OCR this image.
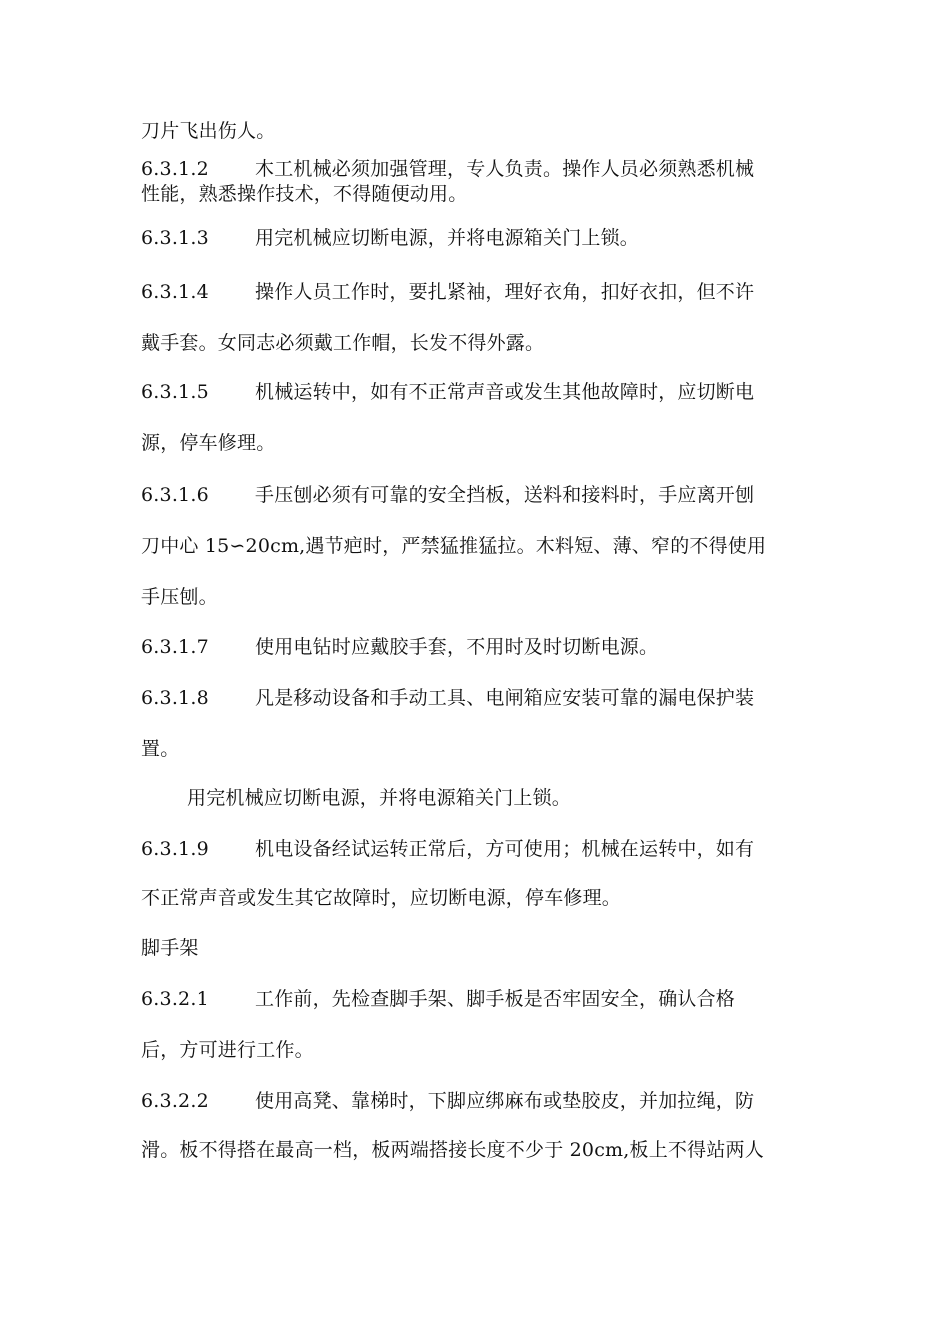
刀片飞出伤人。
6.3.1.2 木工机械必须加强管理，专人负责。操作人员必须熟悉机械
性能，熟悉操作技术，不得随便动用。
6.3.1.3 用完机械应切断电源，并将电源箱关门上锁。
6.3.1.4 操作人员工作时，要扎紧袖，理好衣角，扣好衣扣，但不许
戴手套。女同志必须戴工作帽，长发不得外露。
6.3.1.5 机械运转中，如有不正常声音或发生其他故障时，应切断电
源，停车修理。
6.3.1.6 手压刨必须有可靠的安全挡板，送料和接料时，手应离开刨
刀中心 15∽20cm,遇节疤时，严禁猛推猛拉。木料短、薄、窄的不得使用
手压刨。
6.3.1.7 使用电钻时应戴胶手套，不用时及时切断电源。
6.3.1.8 凡是移动设备和手动工具、电闸箱应安装可靠的漏电保护装
置。
用完机械应切断电源，并将电源箱关门上锁。
6.3.1.9 机电设备经试运转正常后，方可使用；机械在运转中，如有
不正常声音或发生其它故障时，应切断电源，停车修理。
脚手架
6.3.2.1 工作前，先检查脚手架、脚手板是否牢固安全，确认合格
后，方可进行工作。
6.3.2.2 使用高凳、靠梯时，下脚应绑麻布或垫胶皮，并加拉绳，防
滑。板不得搭在最高一档，板两端搭接长度不少于 20cm,板上不得站两人
